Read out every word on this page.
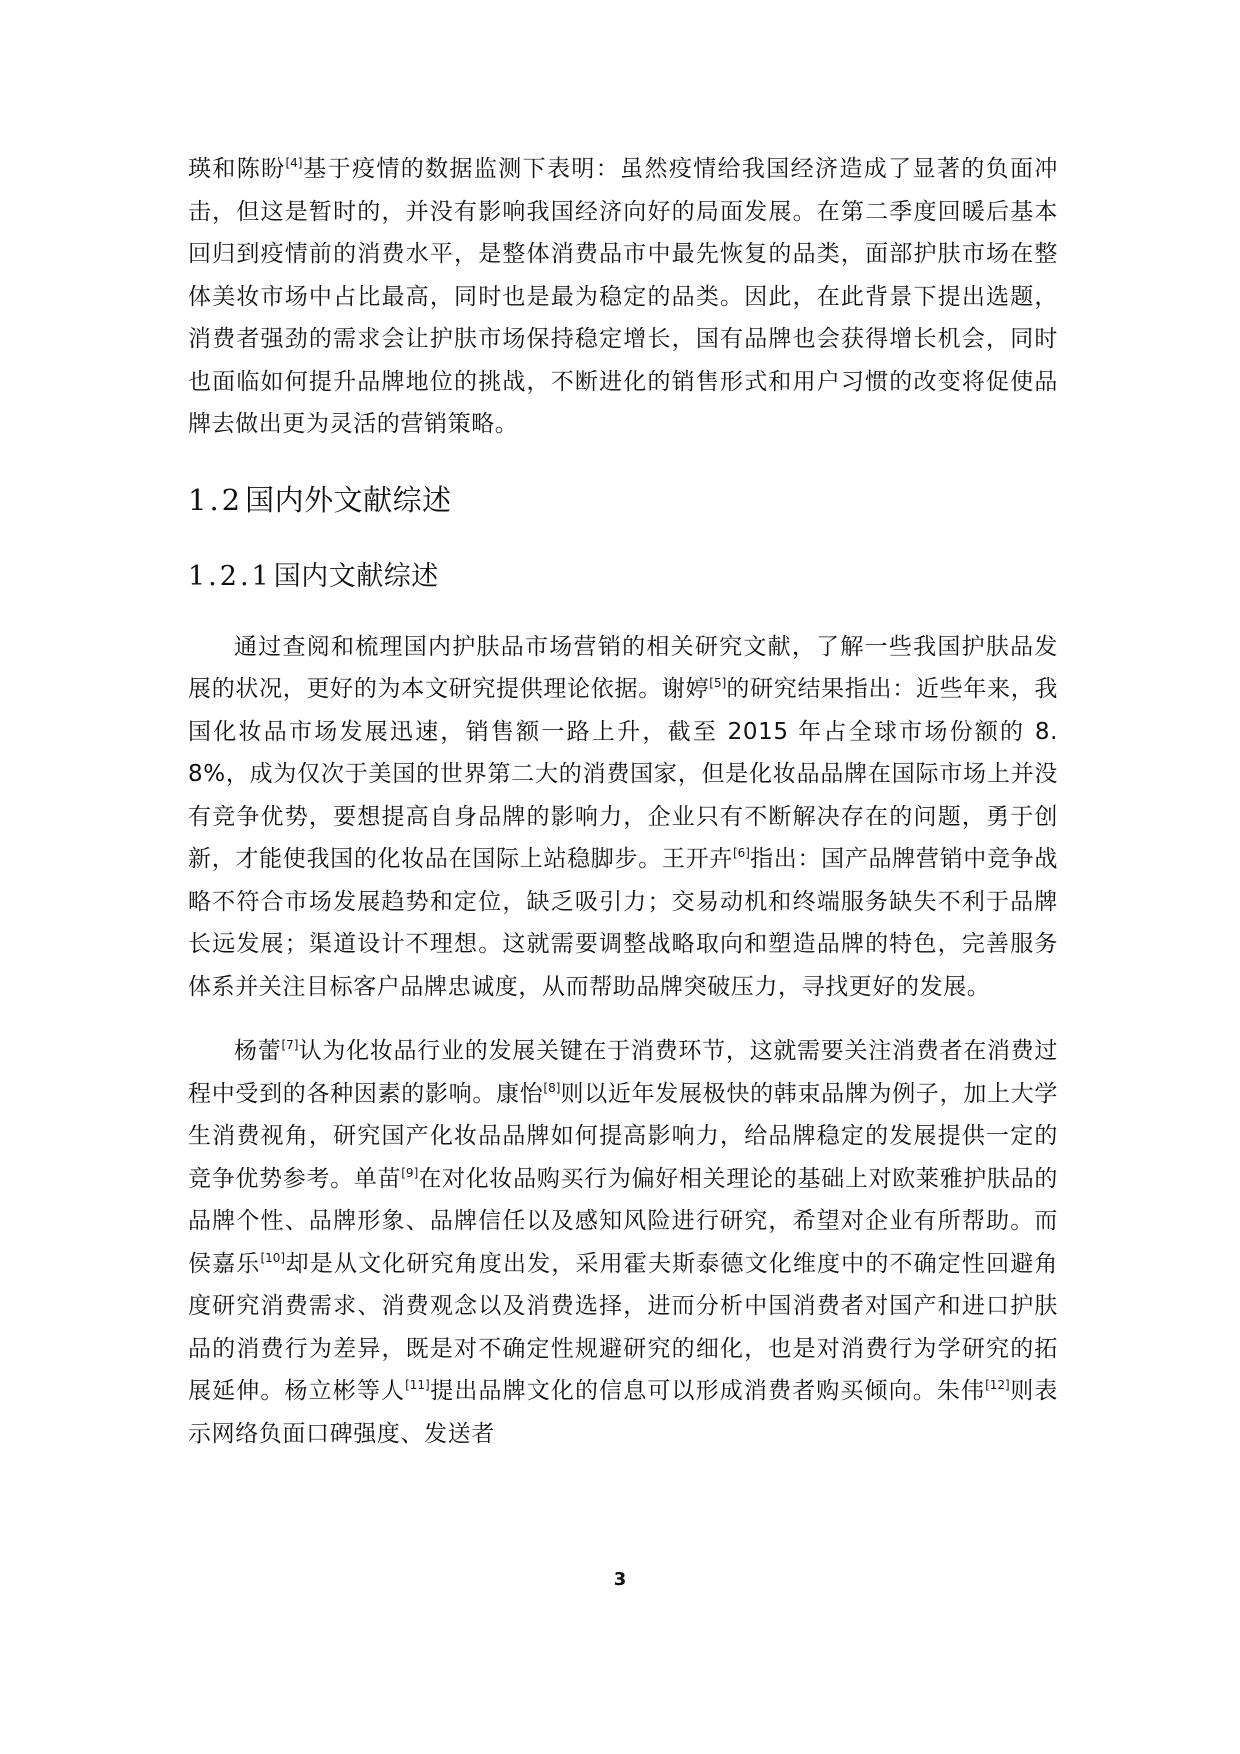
瑛和陈盼[4]基于疫情的数据监测下表明：虽然疫情给我国经济造成了显著的负面冲击，但这是暂时的，并没有影响我国经济向好的局面发展。在第二季度回暖后基本回归到疫情前的消费水平，是整体消费品市中最先恢复的品类，面部护肤市场在整体美妆市场中占比最高，同时也是最为稳定的品类。因此，在此背景下提出选题，消费者强劲的需求会让护肤市场保持稳定增长，国有品牌也会获得增长机会，同时也面临如何提升品牌地位的挑战，不断进化的销售形式和用户习惯的改变将促使品牌去做出更为灵活的营销策略。

1.2国内外文献综述
1.2.1国内文献综述

通过查阅和梳理国内护肤品市场营销的相关研究文献，了解一些我国护肤品发展的状况，更好的为本文研究提供理论依据。谢婷[5]的研究结果指出：近些年来，我国化妆品市场发展迅速，销售额一路上升，截至 2015 年占全球市场份额的 8.8%，成为仅次于美国的世界第二大的消费国家，但是化妆品品牌在国际市场上并没有竞争优势，要想提高自身品牌的影响力，企业只有不断解决存在的问题，勇于创新，才能使我国的化妆品在国际上站稳脚步。王开卉[6]指出：国产品牌营销中竞争战略不符合市场发展趋势和定位，缺乏吸引力；交易动机和终端服务缺失不利于品牌长远发展；渠道设计不理想。这就需要调整战略取向和塑造品牌的特色，完善服务体系并关注目标客户品牌忠诚度，从而帮助品牌突破压力，寻找更好的发展。

杨蕾[7]认为化妆品行业的发展关键在于消费环节，这就需要关注消费者在消费过程中受到的各种因素的影响。康怡[8]则以近年发展极快的韩束品牌为例子，加上大学生消费视角，研究国产化妆品品牌如何提高影响力，给品牌稳定的发展提供一定的竞争优势参考。单苗[9]在对化妆品购买行为偏好相关理论的基础上对欧莱雅护肤品的品牌个性、品牌形象、品牌信任以及感知风险进行研究，希望对企业有所帮助。而侯嘉乐[10]却是从文化研究角度出发，采用霍夫斯泰德文化维度中的不确定性回避角度研究消费需求、消费观念以及消费选择，进而分析中国消费者对国产和进口护肤品的消费行为差异，既是对不确定性规避研究的细化，也是对消费行为学研究的拓展延伸。杨立彬等人[11]提出品牌文化的信息可以形成消费者购买倾向。朱伟[12]则表示网络负面口碑强度、发送者

3
